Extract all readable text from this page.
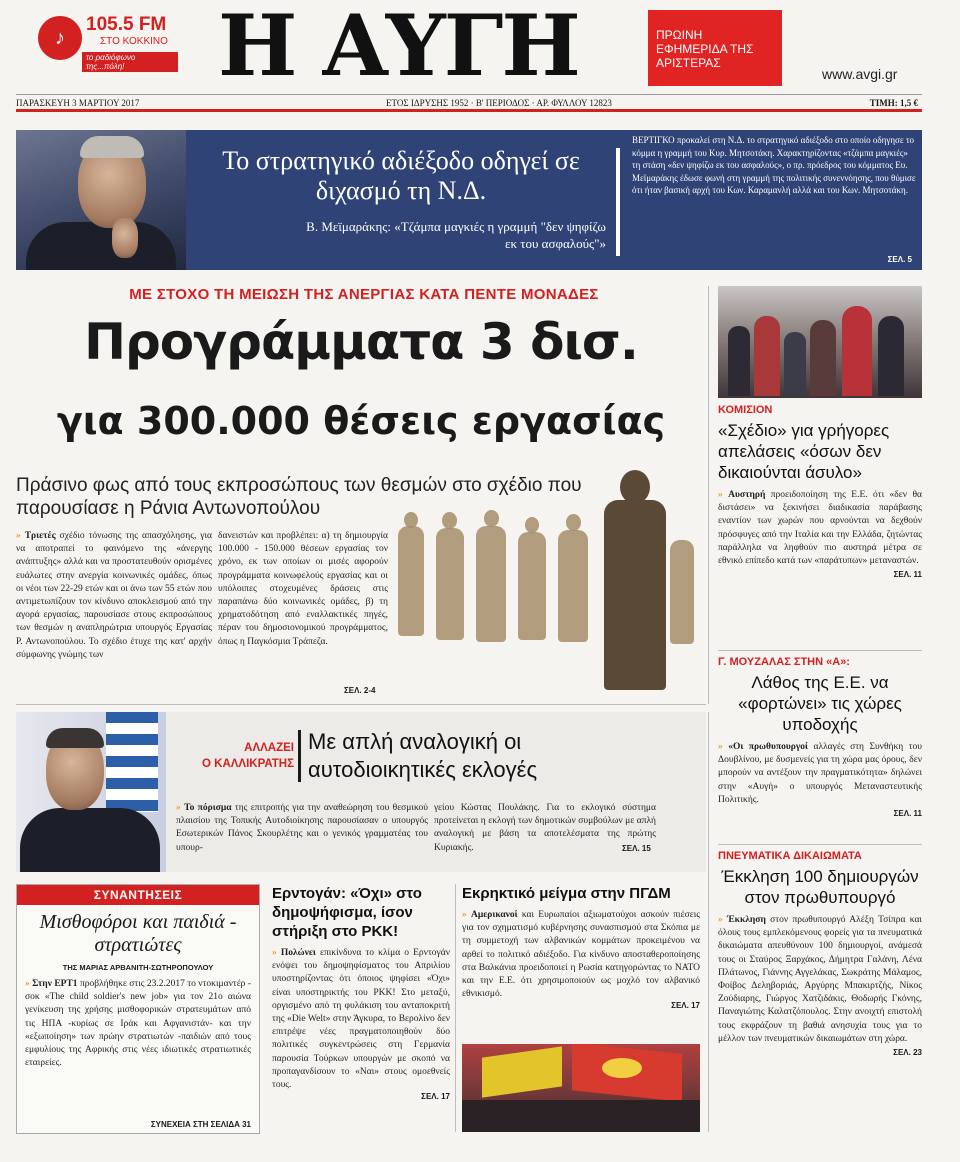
♪
105.5 FM
ΣΤΟ ΚΟΚΚΙΝΟ
το ραδιόφωνο της...πόλη!	Η ΑΥΓΗ	ΠΡΩΙΝΗ ΕΦΗΜΕΡΙΔΑ ΤΗΣ ΑΡΙΣΤΕΡΑΣ
www.avgi.gr
ΠΑΡΑΣΚΕΥΗ 3 ΜΑΡΤΙΟΥ 2017	ΕΤΟΣ ΙΔΡΥΣΗΣ 1952 · Β' ΠΕΡΙΟΔΟΣ · ΑΡ. ΦΥΛΛΟΥ 12823	ΤΙΜΗ: 1,5 €
Το στρατηγικό αδιέξοδο οδηγεί σε διχασμό τη Ν.Δ.
Β. Μεϊμαράκης: «Τζάμπα μαγκιές η γραμμή "δεν ψηφίζω εκ του ασφαλούς"»
ΒΕΡΤΙΓΚΟ προκαλεί στη Ν.Δ. το στρατηγικό αδιέξοδο στο οποίο οδηγησε το κόμμα η γραμμή του Κυρ. Μητσοτάκη. Χαρακτηρίζοντας «τζάμπα μαγκιές» τη στάση «δεν ψηφίζω εκ του ασφαλούς», ο πρ. πρόεδρος του κόμματος Ευ. Μεϊμαράκης έδωσε φωνή στη γραμμή της πολιτικής συνεννόησης, που θύμισε ότι ήταν βασική αρχή του Κων. Καραμανλή αλλά και του Κων. Μητσοτάκη.
ΣΕΛ. 5
ΜΕ ΣΤΟΧΟ ΤΗ ΜΕΙΩΣΗ ΤΗΣ ΑΝΕΡΓΙΑΣ ΚΑΤΑ ΠΕΝΤΕ ΜΟΝΑΔΕΣ
Προγράμματα 3 δισ.
για 300.000 θέσεις εργασίας
Πράσινο φως από τους εκπροσώπους των θεσμών στο σχέδιο που παρουσίασε η Ράνια Αντωνοπούλου
» Τριετές σχέδιο τόνωσης της απασχόλησης, για να αποτραπεί το φαινόμενο της «άνεργης ανάπτυξης» αλλά και να προστατευθούν ορισμένες ευάλωτες στην ανεργία κοινωνικές ομάδες, όπως οι νέοι των 22-29 ετών και οι άνω των 55 ετών που αντιμετωπίζουν τον κίνδυνο αποκλεισμού από την αγορά εργασίας, παρουσίασε στους εκπροσώπους των θεσμών η αναπληρώτρια υπουργός Εργασίας Ρ. Αντωνοπούλου. Το σχέδιο έτυχε της κατ' αρχήν σύμφωνης γνώμης των
δανειστών και προβλέπει: α) τη δημιουργία 100.000 - 150.000 θέσεων εργασίας τον χρόνο, εκ των οποίων οι μισές αφορούν προγράμματα κοινωφελούς εργασίας και οι υπόλοιπες στοχευμένες δράσεις στις παραπάνω δύο κοινωνικές ομάδες, β) τη χρηματοδότηση από εναλλακτικές πηγές, πέραν του δημοσιονομικού προγράμματος, όπως η Παγκόσμια Τράπεζα.
ΣΕΛ. 2-4
ΑΛΛΑΖΕΙ
Ο ΚΑΛΛΙΚΡΑΤΗΣ
Με απλή αναλογική οι αυτοδιοικητικές εκλογές
» Το πόρισμα της επιτροπής για την αναθεώρηση του θεσμικού πλαισίου της Τοπικής Αυτοδιοίκησης παρουσίασαν ο υπουργός Εσωτερικών Πάνος Σκουρλέτης και ο γενικός γραμματέας του υπουρ-
γείου Κώστας Πουλάκης. Για το εκλογικό σύστημα προτείνεται η εκλογή των δημοτικών συμβούλων με απλή αναλογική με βάση τα αποτελέσματα της πρώτης Κυριακής.	ΣΕΛ. 15
ΚΟΜΙΣΙΟΝ
«Σχέδιο» για γρήγορες απελάσεις «όσων δεν δικαιούνται άσυλο»
» Αυστηρή προειδοποίηση της Ε.Ε. ότι «δεν θα διστάσει» να ξεκινήσει διαδικασία παράβασης εναντίον των χωρών που αρνούνται να δεχθούν πρόσφυγες από την Ιταλία και την Ελλάδα, ζητώντας παράλληλα να ληφθούν πιο αυστηρά μέτρα σε εθνικό επίπεδο κατά των «παράτυπων» μεταναστών.
ΣΕΛ. 11
Γ. ΜΟΥΖΑΛΑΣ ΣΤΗΝ «Α»:
Λάθος της Ε.Ε. να «φορτώνει» τις χώρες υποδοχής
» «Οι πρωθυπουργοί αλλαγές στη Συνθήκη του Δουβλίνου, με δυσμενείς για τη χώρα μας όρους, δεν μπορούν να αντέξουν την πραγματικότητα» δηλώνει στην «Αυγή» ο υπουργός Μεταναστευτικής Πολιτικής.
ΣΕΛ. 11
ΠΝΕΥΜΑΤΙΚΑ ΔΙΚΑΙΩΜΑΤΑ
Έκκληση 100 δημιουργών στον πρωθυπουργό
» Έκκληση στον πρωθυπουργό Αλέξη Τσίπρα και όλους τους εμπλεκόμενους φορείς για τα πνευματικά δικαιώματα απευθύνουν 100 δημιουργοί, ανάμεσά τους οι Σταύρος Ξαρχάκος, Δήμητρα Γαλάνη, Λένα Πλάτωνος, Γιάννης Αγγελάκας, Σωκράτης Μάλαμος, Φοίβος Δεληβοριάς, Αργύρης Μπακιρτζής, Νίκος Ζούδιαρης, Γιώργος Χατζιδάκις, Θοδωρής Γκόνης, Παναγιώτης Καλατζόπουλος. Στην ανοιχτή επιστολή τους εκφράζουν τη βαθιά ανησυχία τους για το μέλλον των πνευματικών δικαιωμάτων στη χώρα.
ΣΕΛ. 23
ΣΥΝΑΝΤΗΣΕΙΣ
Μισθοφόροι και παιδιά - στρατιώτες
ΤΗΣ ΜΑΡΙΑΣ ΑΡΒΑΝΙΤΗ-ΣΩΤΗΡΟΠΟΥΛΟΥ
» Στην ΕΡΤ1 προβλήθηκε στις 23.2.2017 το ντοκιμαντέρ - σοκ «The child soldier's new job» για τον 21ο αιώνα γενίκευση της χρήσης μισθοφορικών στρατευμάτων από τις ΗΠΑ -κυρίως σε Ιράκ και Αφγανιστάν- και την «εξωποίηση» των πρώην στρατιωτών -παιδιών από τους εμφυλίους της Αφρικής στις νέες ιδιωτικές στρατιωτικές εταιρείες.
ΣΥΝΕΧΕΙΑ ΣΤΗ ΣΕΛΙΔΑ 31
Ερντογάν: «Όχι» στο δημοψήφισμα, ίσον στήριξη στο ΡΚΚ!
» Πολώνει επικίνδυνα το κλίμα ο Ερντογάν ενόψει του δημοψηφίσματος του Απριλίου υποστηρίζοντας ότι όποιος ψηφίσει «Όχι» είναι υποστηρικτής του ΡΚΚ! Στο μεταξύ, οργισμένο από τη φυλάκιση του ανταποκριτή της «Die Welt» στην Άγκυρα, το Βερολίνο δεν επιτρέψε νέες πραγματοποιηθούν δύο πολιτικές συγκεντρώσεις στη Γερμανία παρουσία Τούρκων υπουργών με σκοπό να προπαγανδίσουν το «Ναι» στους ομοεθνείς τους.
ΣΕΛ. 17
Εκρηκτικό μείγμα στην ΠΓΔΜ
» Αμερικανοί και Ευρωπαίοι αξιωματούχοι ασκούν πιέσεις για τον σχηματισμό κυβέρνησης συνασπισμού στα Σκόπια με τη συμμετοχή των αλβανικών κομμάτων προκειμένου να αρθεί το πολιτικό αδιέξοδο. Για κίνδυνο αποσταθεροποίησης στα Βαλκάνια προειδοποιεί η Ρωσία κατηγορώντας το ΝΑΤΟ και την Ε.Ε. ότι χρησιμοποιούν ως μοχλό τον αλβανικό εθνικισμό.
ΣΕΛ. 17
